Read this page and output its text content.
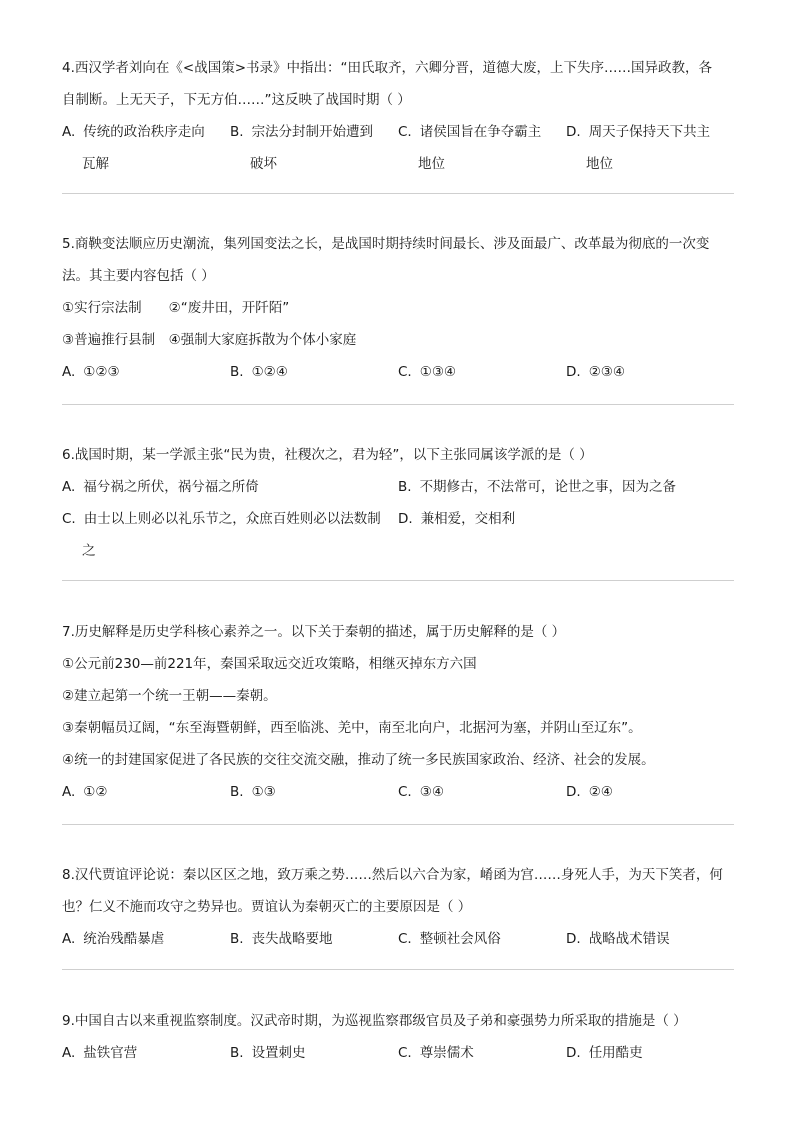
4.西汉学者刘向在《<战国策>书录》中指出：“田氏取齐，六卿分晋，道德大废，上下失序……国异政教，各
自制断。上无天子，下无方伯……”这反映了战国时期（ ）
A. 传统的政治秩序走向
瓦解
B. 宗法分封制开始遭到
破坏
C. 诸侯国旨在争夺霸主
地位
D. 周天子保持天下共主
地位
5.商鞅变法顺应历史潮流，集列国变法之长，是战国时期持续时间最长、涉及面最广、改革最为彻底的一次变
法。其主要内容包括（ ）
①实行宗法制　　②“废井田，开阡陌”
③普遍推行县制　④强制大家庭拆散为个体小家庭
A. ①②③	B. ①②④	C. ①③④	D. ②③④
6.战国时期，某一学派主张“民为贵，社稷次之，君为轻”，以下主张同属该学派的是（ ）
A. 福兮祸之所伏，祸兮福之所倚	B. 不期修古，不法常可，论世之事，因为之备
C. 由士以上则必以礼乐节之，众庶百姓则必以法数制
之
D. 兼相爱，交相利
7.历史解释是历史学科核心素养之一。以下关于秦朝的描述，属于历史解释的是（ ）
①公元前230—前221年，秦国采取远交近攻策略，相继灭掉东方六国
②建立起第一个统一王朝——秦朝。
③秦朝幅员辽阔，“东至海暨朝鲜，西至临洮、羌中，南至北向户，北据河为塞，并阴山至辽东”。
④统一的封建国家促进了各民族的交往交流交融，推动了统一多民族国家政治、经济、社会的发展。
A. ①②	B. ①③	C. ③④	D. ②④
8.汉代贾谊评论说：秦以区区之地，致万乘之势……然后以六合为家，崤函为宫……身死人手，为天下笑者，何
也？仁义不施而攻守之势异也。贾谊认为秦朝灭亡的主要原因是（ ）
A. 统治残酷暴虐	B. 丧失战略要地	C. 整顿社会风俗	D. 战略战术错误
9.中国自古以来重视监察制度。汉武帝时期，为巡视监察郡级官员及子弟和豪强势力所采取的措施是（ ）
A. 盐铁官营	B. 设置刺史	C. 尊崇儒术	D. 任用酷吏
